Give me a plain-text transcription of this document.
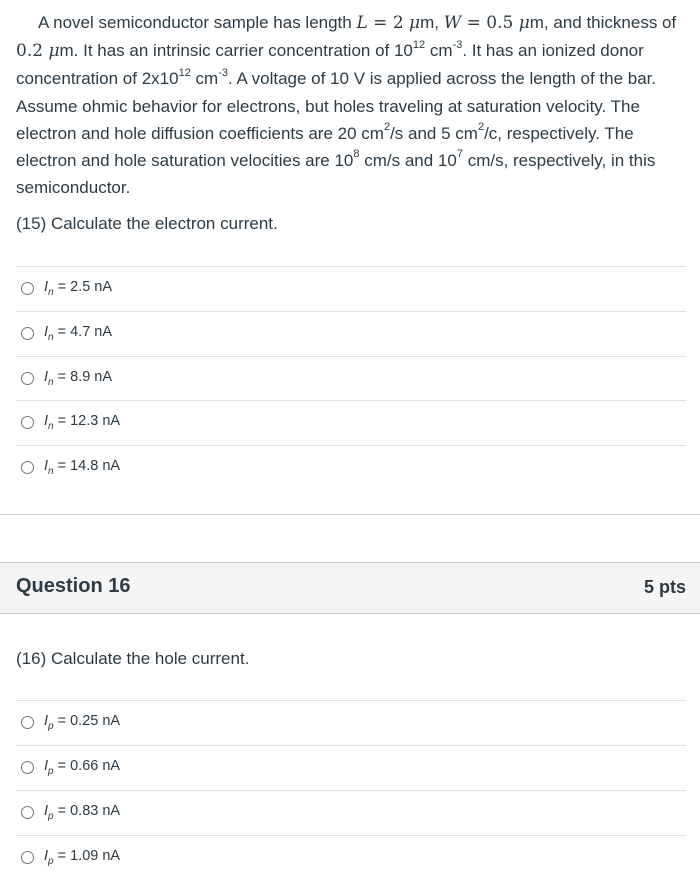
A novel semiconductor sample has length L = 2 μm, W = 0.5 μm, and thickness of 0.2 μm. It has an intrinsic carrier concentration of $10^{12}$ $cm^{-3}$. It has an ionized donor concentration of $2x10^{12}$ $cm^{-3}$. A voltage of 10 V is applied across the length of the bar. Assume ohmic behavior for electrons, but holes traveling at saturation velocity. The electron and hole diffusion coefficients are 20 $cm^2/s$ and 5 $cm^2/c$, respectively. The electron and hole saturation velocities are $10^8$ cm/s and $10^7$ cm/s, respectively, in this semiconductor.
(15) Calculate the electron current.
$I_n = 2.5$ nA
$I_n = 4.7$ nA
$I_n = 8.9$ nA
$I_n = 12.3$ nA
$I_n = 14.8$ nA
Question 16	5 pts
(16) Calculate the hole current.
$I_p = 0.25$ nA
$I_p = 0.66$ nA
$I_p = 0.83$ nA
$I_p = 1.09$ nA
